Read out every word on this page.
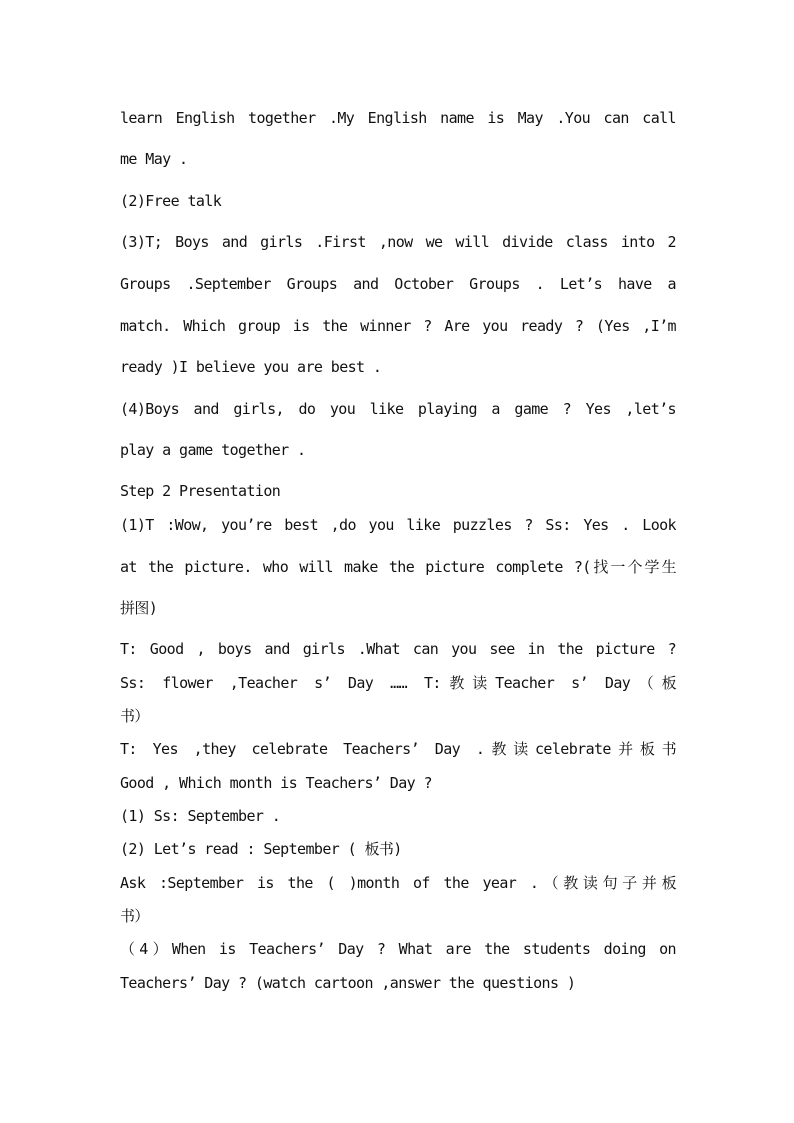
learn English together .My English name is May .You can call
me May .
(2)Free talk
(3)T; Boys and girls .First ,now we will divide class into 2
Groups .September Groups and October Groups . Let’s have a
match. Which group is the winner ? Are you ready ? (Yes ,I’m
ready )I believe you are best .
(4)Boys and girls, do you like playing a game ? Yes ,let’s
play a game together .
Step 2 Presentation
(1)T :Wow, you’re best ,do you like puzzles ? Ss: Yes . Look
at the picture. who will make the picture complete ?(找一个学生
拼图)
T: Good , boys and girls .What can you see in the picture ?
Ss: flower ,Teacher s’ Day …… T:教读Teacher s’ Day（板
书）
T: Yes ,they celebrate Teachers’ Day .教读celebrate并板书
Good , Which month is Teachers’ Day ?
(1) Ss: September .
(2) Let’s read : September ( 板书)
Ask :September is the ( )month of the year .（教读句子并板
书）
（4）When is Teachers’ Day ? What are the students doing on
Teachers’ Day ? (watch cartoon ,answer the questions )
